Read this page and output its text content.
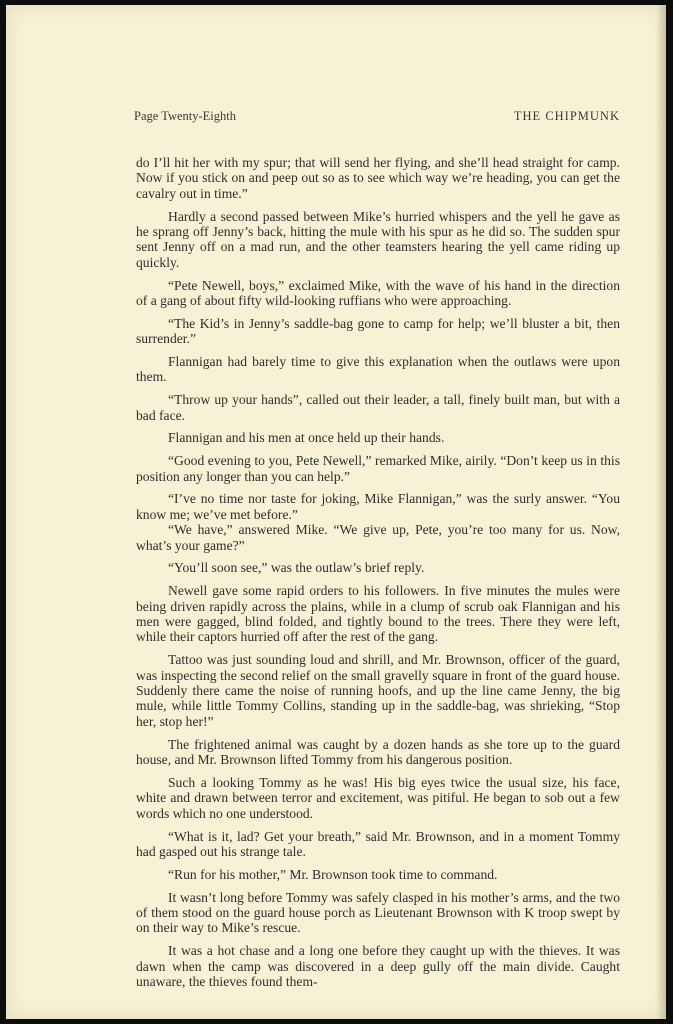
Page Twenty-Eighth	THE CHIPMUNK

do I’ll hit her with my spur; that will send her flying, and she’ll head straight for camp. Now if you stick on and peep out so as to see which way we’re heading, you can get the cavalry out in time.”

Hardly a second passed between Mike’s hurried whispers and the yell he gave as he sprang off Jenny’s back, hitting the mule with his spur as he did so. The sudden spur sent Jenny off on a mad run, and the other teamsters hearing the yell came riding up quickly.

“Pete Newell, boys,” exclaimed Mike, with the wave of his hand in the direction of a gang of about fifty wild-looking ruffians who were approaching.

“The Kid’s in Jenny’s saddle-bag gone to camp for help; we’ll bluster a bit, then surrender.”

Flannigan had barely time to give this explanation when the outlaws were upon them.

“Throw up your hands”, called out their leader, a tall, finely built man, but with a bad face.

Flannigan and his men at once held up their hands.

“Good evening to you, Pete Newell,” remarked Mike, airily. “Don’t keep us in this position any longer than you can help.”

“I’ve no time nor taste for joking, Mike Flannigan,” was the surly answer. “You know me; we’ve met before.”

“We have,” answered Mike. “We give up, Pete, you’re too many for us. Now, what’s your game?”

“You’ll soon see,” was the outlaw’s brief reply.

Newell gave some rapid orders to his followers. In five minutes the mules were being driven rapidly across the plains, while in a clump of scrub oak Flannigan and his men were gagged, blind folded, and tightly bound to the trees. There they were left, while their captors hurried off after the rest of the gang.

Tattoo was just sounding loud and shrill, and Mr. Brownson, officer of the guard, was inspecting the second relief on the small gravelly square in front of the guard house. Suddenly there came the noise of running hoofs, and up the line came Jenny, the big mule, while little Tommy Collins, standing up in the saddle-bag, was shrieking, “Stop her, stop her!”

The frightened animal was caught by a dozen hands as she tore up to the guard house, and Mr. Brownson lifted Tommy from his dangerous position.

Such a looking Tommy as he was! His big eyes twice the usual size, his face, white and drawn between terror and excitement, was pitiful. He began to sob out a few words which no one understood.

“What is it, lad? Get your breath,” said Mr. Brownson, and in a moment Tommy had gasped out his strange tale.

“Run for his mother,” Mr. Brownson took time to command.

It wasn’t long before Tommy was safely clasped in his mother’s arms, and the two of them stood on the guard house porch as Lieutenant Brownson with K troop swept by on their way to Mike’s rescue.

It was a hot chase and a long one before they caught up with the thieves. It was dawn when the camp was discovered in a deep gully off the main divide. Caught unaware, the thieves found them-
